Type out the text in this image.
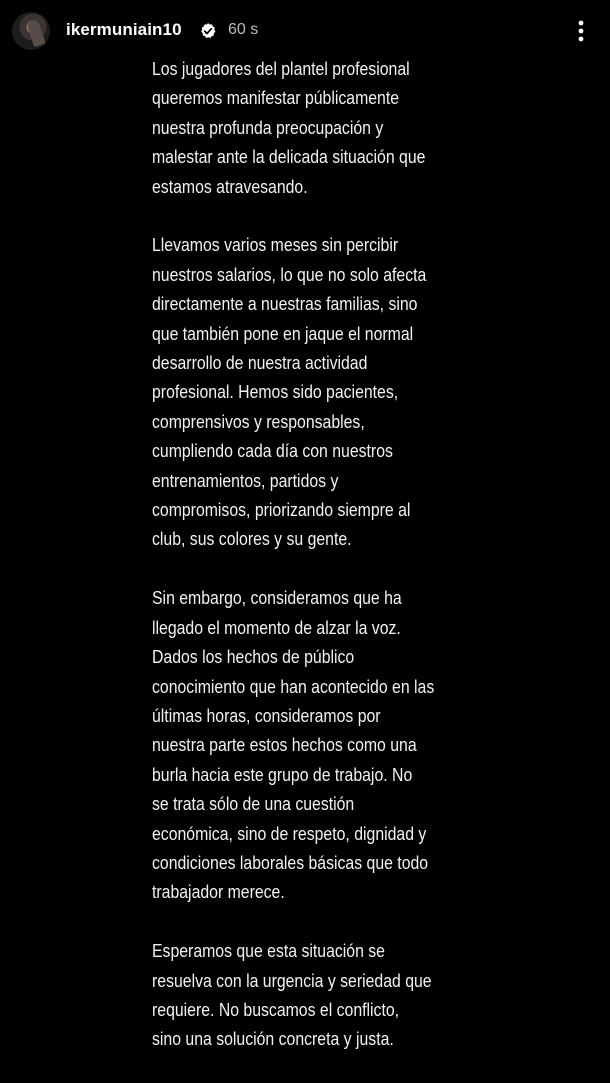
ikermuniain10	60 s

Los jugadores del plantel profesional
queremos manifestar públicamente
nuestra profunda preocupación y
malestar ante la delicada situación que
estamos atravesando.

Llevamos varios meses sin percibir
nuestros salarios, lo que no solo afecta
directamente a nuestras familias, sino
que también pone en jaque el normal
desarrollo de nuestra actividad
profesional. Hemos sido pacientes,
comprensivos y responsables,
cumpliendo cada día con nuestros
entrenamientos, partidos y
compromisos, priorizando siempre al
club, sus colores y su gente.

Sin embargo, consideramos que ha
llegado el momento de alzar la voz.
Dados los hechos de público
conocimiento que han acontecido en las
últimas horas, consideramos por
nuestra parte estos hechos como una
burla hacia este grupo de trabajo. No
se trata sólo de una cuestión
económica, sino de respeto, dignidad y
condiciones laborales básicas que todo
trabajador merece.

Esperamos que esta situación se
resuelva con la urgencia y seriedad que
requiere. No buscamos el conflicto,
sino una solución concreta y justa.
